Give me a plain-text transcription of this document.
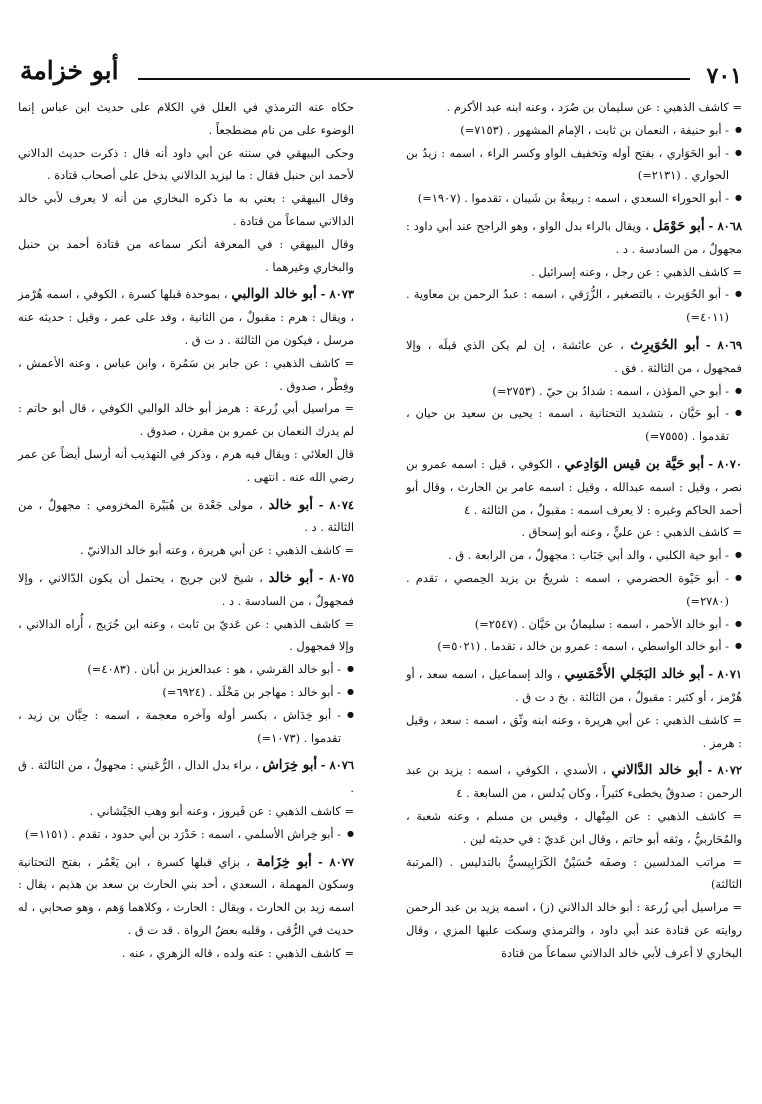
٧٠١
أبو خزامة

= كاشف الذهبي : عن سليمان بن صُرَد ، وعنه ابنه عبد الأكرم .

● - أبو حنيفة ، النعمان بن ثابت ، الإمام المشهور . (٧١٥٣=)

● - أبو الحَوَاري ، بفتح أوله وتخفيف الواو وكسر الراء ، اسمه : زيدُ بن الحواري . (٢١٣١=)

● - أبو الحوراء السعدي ، اسمه : ربيعةُ بن شَيبان ، تقدموا . (١٩٠٧=)

٨٠٦٨ - أبو حَوْمَل ، ويقال بالراء بدل الواو ، وهو الراجح عند أبي داود : مجهولٌ ، من السادسة . د .

= كاشف الذهبي : عن رجل ، وعنه إسرائيل .

● - أبو الحُوَيرث ، بالتصغير ، الزُّرَقي ، اسمه : عبدُ الرحمن بن معاوية . (٤٠١١=)

٨٠٦٩ - أبو الحُوَيرِث ، عن عائشة ، إن لم يكن الذي قبلَه ، وإلا فمجهول ، من الثالثة . فق .

● - أبو حي المؤذن ، اسمه : شدادُ بن حيّ . (٢٧٥٣=)

● - أبو حَيَّان ، بتشديد التحتانية ، اسمه : يحيى بن سعيد بن حيان ، تقدموا . (٧٥٥٥=)

٨٠٧٠ - أبو حَيَّة بن قيس الوَادِعي ، الكوفي ، قيل : اسمه عمرو بن نصر ، وقيل : اسمه عبدالله ، وقيل : اسمه عامر بن الحارث ، وقال أبو أحمد الحاكم وغيره : لا يعرف اسمه : مقبولٌ ، من الثالثة . ٤

= كاشف الذهبي : عن عليٍّ ، وعنه أبو إسحاق .

● - أبو حية الكلبي ، والد أبي جَنَاب : مجهولٌ ، من الرابعة . ق .

● - أبو حَيْوة الحضرمي ، اسمه : شريحُ بن يزيد الحِمصي ، تقدم . (٢٧٨٠=)

● - أبو خالد الأحمر ، اسمه : سليمانُ بن حَيَّان . (٢٥٤٧=)

● - أبو خالد الواسطي ، اسمه : عمرو بن خالد ، تقدما . (٥٠٢١=)

٨٠٧١ - أبو خالد البَجَلي الأَحْمَسِي ، والد إسماعيل ، اسمه سعد ، أو هُرْمز ، أو كثير : مقبولٌ ، من الثالثة . بخ د ت ق .

= كاشف الذهبي : عن أبي هريرة ، وعنه ابنه وثّق ، اسمه : سعد ، وقيل : هرمز .

٨٠٧٢ - أبو خالد الدَّالاني ، الأسدي ، الكوفي ، اسمه : يزيد بن عبد الرحمن : صدوقٌ يخطىء كثيراً ، وكان يُدلس ، من السابعة . ٤

= كاشف الذهبي : عن المِنْهال ، وقيس بن مسلم ، وعنه شعبة ، والمُحَاربيُّ ، وثقه أبو حاتم ، وقال ابن عَديّ : في حديثه لين .

= مراتب المدلسين : وصفَه حُسَيْنٌ الكَرَابِيسيُّ بالتدليس . (المرتبة الثالثة)

= مراسيل أبي زُرعة : أبو خالد الدالاني (ز) ، اسمه يزيد بن عبد الرحمن روايته عن قتادة عند أبي داود ، والترمذي وسكت عليها المزي ، وقال البخاري لا أعرف لأبي خالد الدالاني سماعاً من قتادة

حكاه عنه الترمذي في العلل في الكلام على حديث ابن عباس إنما الوضوء على من نام مضطجعاً .

وحكى البيهقي في سننه عن أبي داود أنه قال : ذكرت حديث الدالاني لأحمد ابن حنبل فقال : ما ليزيد الدالاني يدخل على أصحاب قتادة .

وقال البيهقي : يعني به ما ذكره البخاري من أنه لا يعرف لأبي خالد الدالاني سماعاً من قتادة .

وقال البيهقي : في المعرفة أنكر سماعه من قتادة أحمد بن حنبل والبخاري وغيرهما .

٨٠٧٣ - أبو خالد الوالبي ، بموحدة قبلها كسرة ، الكوفي ، اسمه هُرْمز ، ويقال : هرم : مقبولٌ ، من الثانية ، وفد على عمر ، وقيل : حديثه عنه مرسل ، فيكون من الثالثة . د ت ق .

= كاشف الذهبي : عن جابر بن سَمُرة ، وابن عباس ، وعنه الأعمش ، وفِطْر ، صدوق .

= مراسيل أبي زُرعة : هرمز أبو خالد الوالبي الكوفي ، قال أبو حاتم : لم يدرك النعمان بن عمرو بن مقرن ، صدوق .

قال العلائي : ويقال فيه هرم ، وذكر في التهذيب أنه أرسل أيضاً عن عمر رضي الله عنه . انتهى .

٨٠٧٤ - أبو خالد ، مولى جَعْدة بن هُبَيْرة المخزومي : مجهولٌ ، من الثالثة . د .

= كاشف الذهبي : عن أبي هريرة ، وعنه أبو خالد الدالانيّ .

٨٠٧٥ - أبو خالد ، شيخ لابن جريج ، يحتمل أن يكون الدّالاني ، وإلا فمجهولٌ ، من السادسة . د .

= كاشف الذهبي : عن عَديّ بن ثابت ، وعنه ابن جُرَيج ، أُراه الدالاني ، وإلا فمجهول .

● - أبو خالد القرشي ، هو : عبدالعزيز بن أبان . (٤٠٨٣=)

● - أبو خالد : مهاجر بن مَخْلَد . (٦٩٢٤=)

● - أبو خِدَاش ، بكسر أوله وآخره معجمة ، اسمه : حِبَّان بن زيد ، تقدموا . (١٠٧٣=)

٨٠٧٦ - أبو خِرَاش ، براء بدل الدال ، الرُّعَيني : مجهولٌ ، من الثالثة . ق .

= كاشف الذهبي : عن فَيروز ، وعنه أبو وهب الجَيْشاني .

● - أبو خِراش الأسلمي ، اسمه : حَدْرَد بن أبي حدود ، تقدم . (١١٥١=)

٨٠٧٧ - أبو خِزَامة ، بزاي قبلها كسرة ، ابن يَعْمُر ، بفتح التحتانية وسكون المهملة ، السعدي ، أحد بني الحارث بن سعد بن هذيم ، يقال : اسمه زيد بن الحارث ، ويقال : الحارث ، وكلاهما وَهم ، وهو صحابي ، له حديث في الرُّقى ، وقلبه بعضُ الرواة . قد ت ق .

= كاشف الذهبي : عنه ولده ، قاله الزهري ، عنه .
